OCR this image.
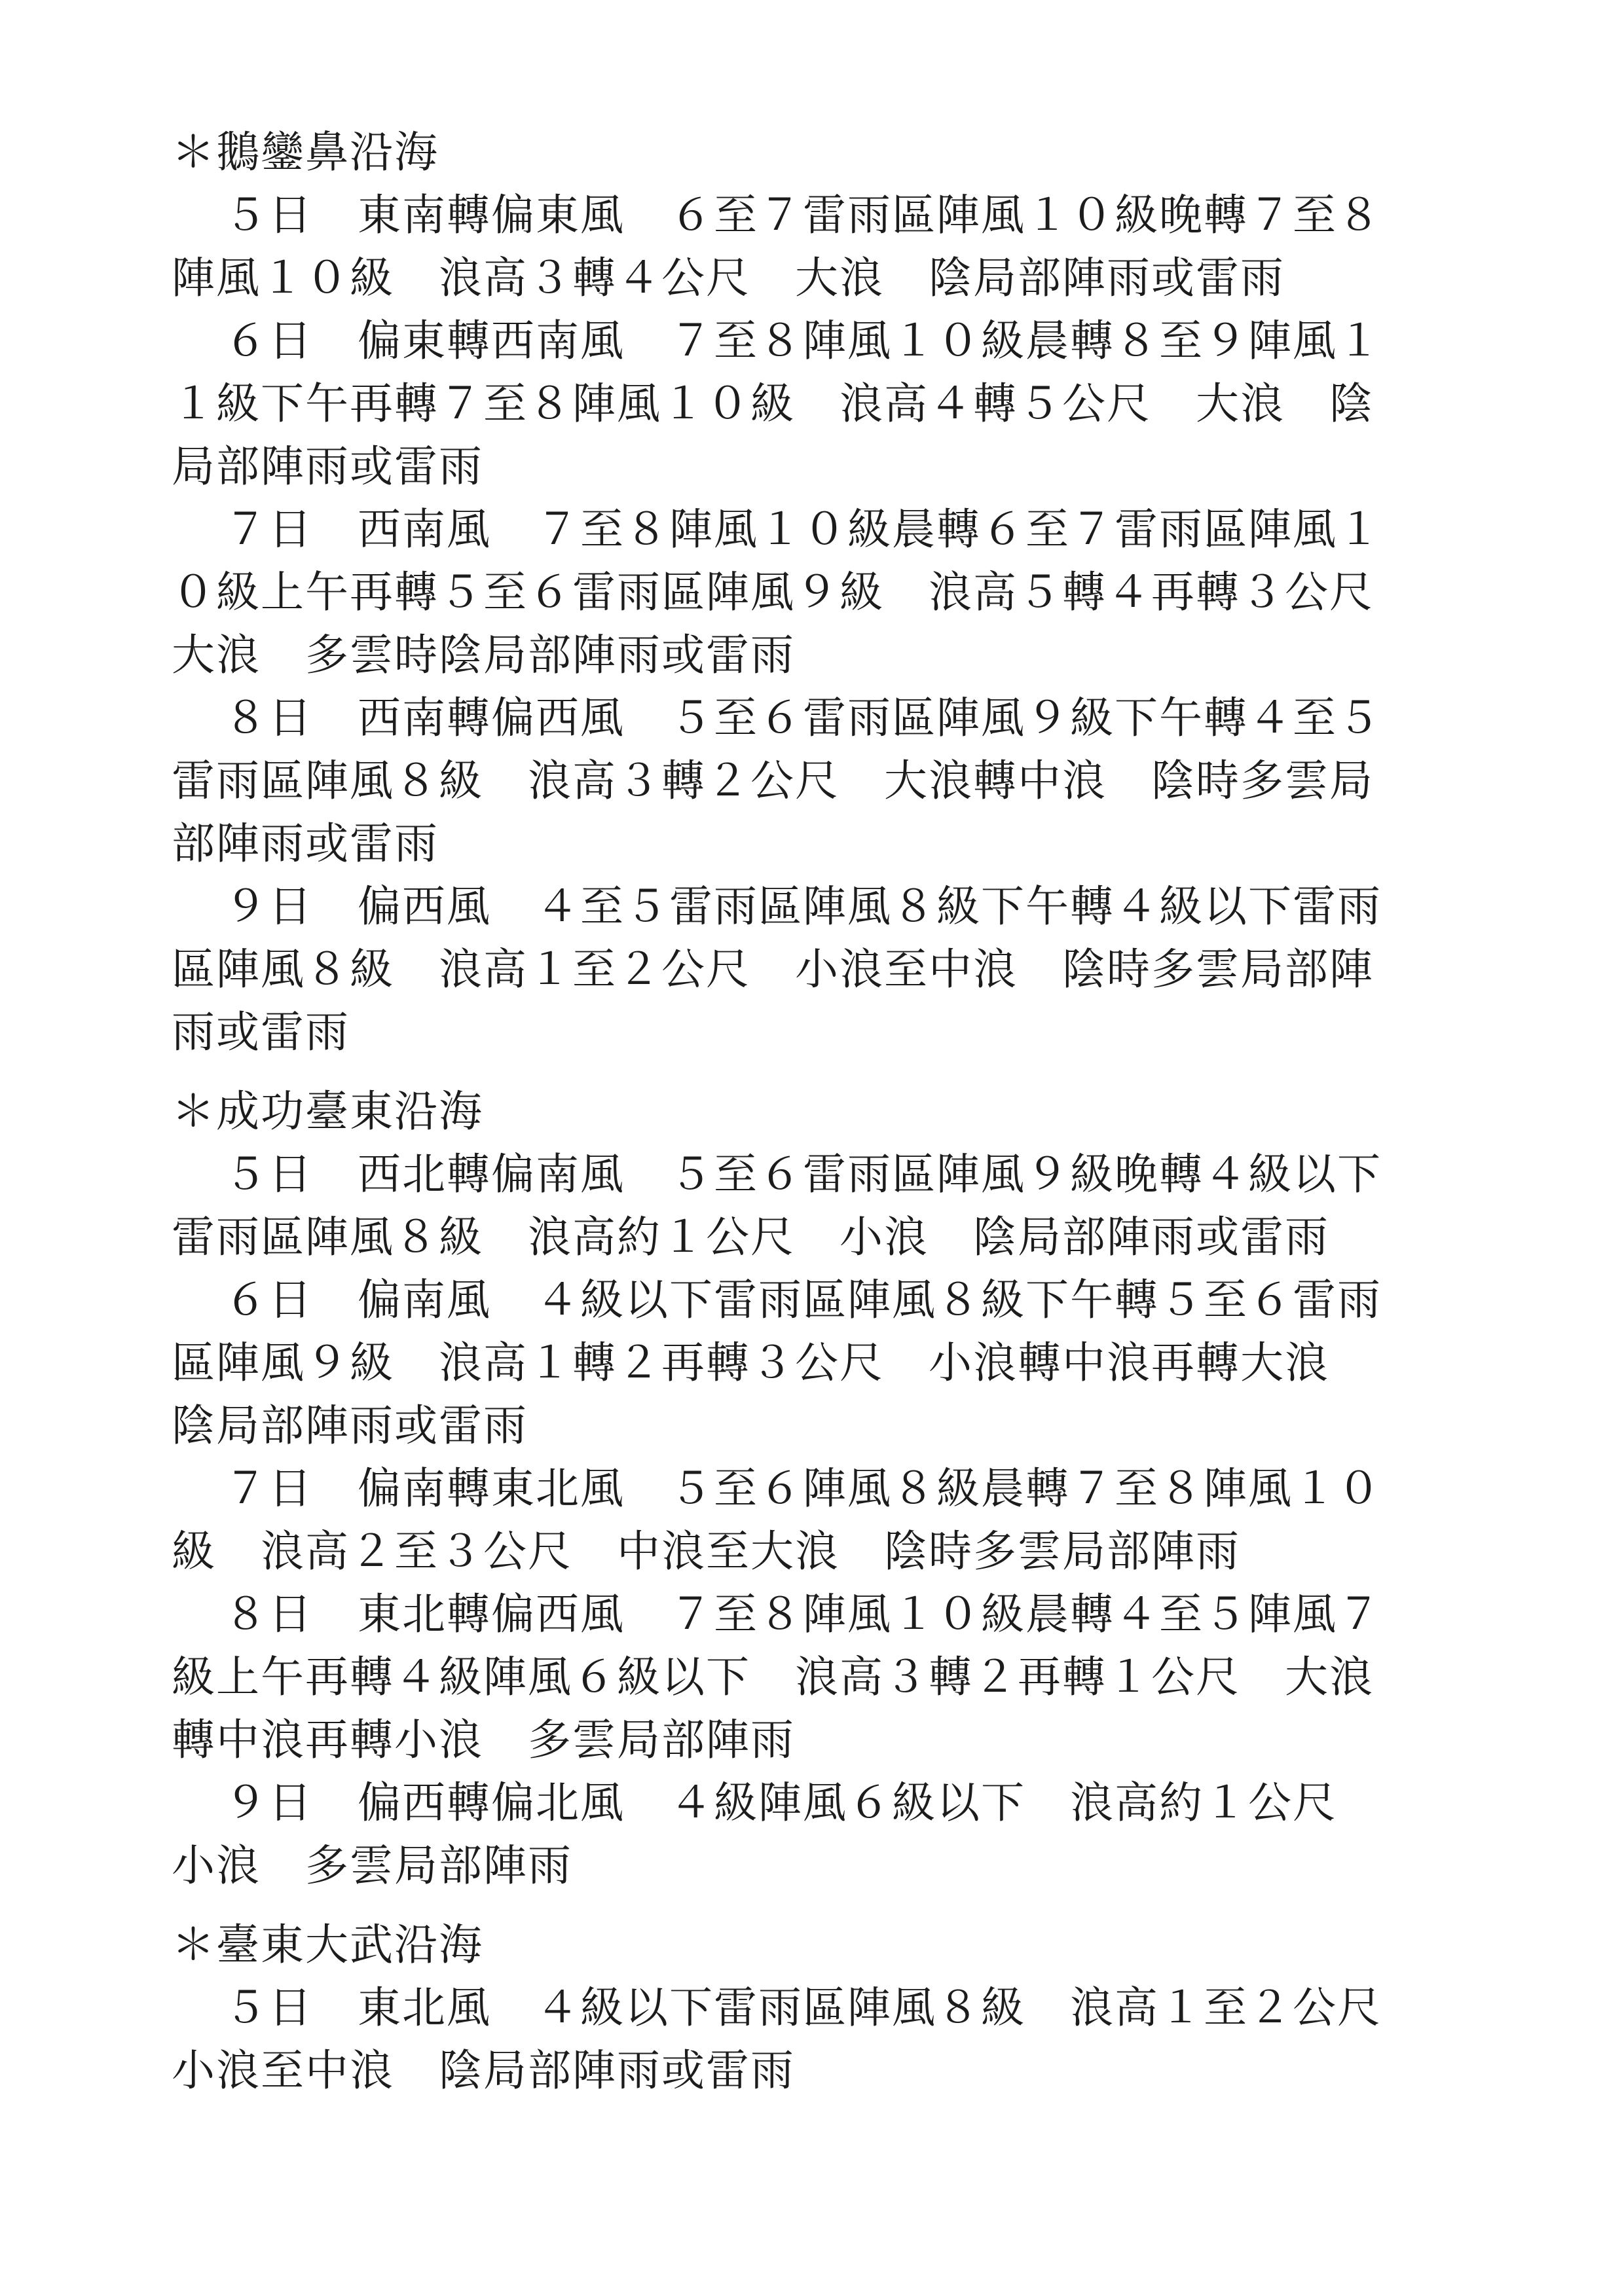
＊鵝鑾鼻沿海
５日　東南轉偏東風　６至７雷雨區陣風１０級晚轉７至８
陣風１０級　浪高３轉４公尺　大浪　陰局部陣雨或雷雨
６日　偏東轉西南風　７至８陣風１０級晨轉８至９陣風１
１級下午再轉７至８陣風１０級　浪高４轉５公尺　大浪　陰
局部陣雨或雷雨
７日　西南風　７至８陣風１０級晨轉６至７雷雨區陣風１
０級上午再轉５至６雷雨區陣風９級　浪高５轉４再轉３公尺
大浪　多雲時陰局部陣雨或雷雨
８日　西南轉偏西風　５至６雷雨區陣風９級下午轉４至５
雷雨區陣風８級　浪高３轉２公尺　大浪轉中浪　陰時多雲局
部陣雨或雷雨
９日　偏西風　４至５雷雨區陣風８級下午轉４級以下雷雨
區陣風８級　浪高１至２公尺　小浪至中浪　陰時多雲局部陣
雨或雷雨
＊成功臺東沿海
５日　西北轉偏南風　５至６雷雨區陣風９級晚轉４級以下
雷雨區陣風８級　浪高約１公尺　小浪　陰局部陣雨或雷雨
６日　偏南風　４級以下雷雨區陣風８級下午轉５至６雷雨
區陣風９級　浪高１轉２再轉３公尺　小浪轉中浪再轉大浪
陰局部陣雨或雷雨
７日　偏南轉東北風　５至６陣風８級晨轉７至８陣風１０
級　浪高２至３公尺　中浪至大浪　陰時多雲局部陣雨
８日　東北轉偏西風　７至８陣風１０級晨轉４至５陣風７
級上午再轉４級陣風６級以下　浪高３轉２再轉１公尺　大浪
轉中浪再轉小浪　多雲局部陣雨
９日　偏西轉偏北風　４級陣風６級以下　浪高約１公尺
小浪　多雲局部陣雨
＊臺東大武沿海
５日　東北風　４級以下雷雨區陣風８級　浪高１至２公尺
小浪至中浪　陰局部陣雨或雷雨
